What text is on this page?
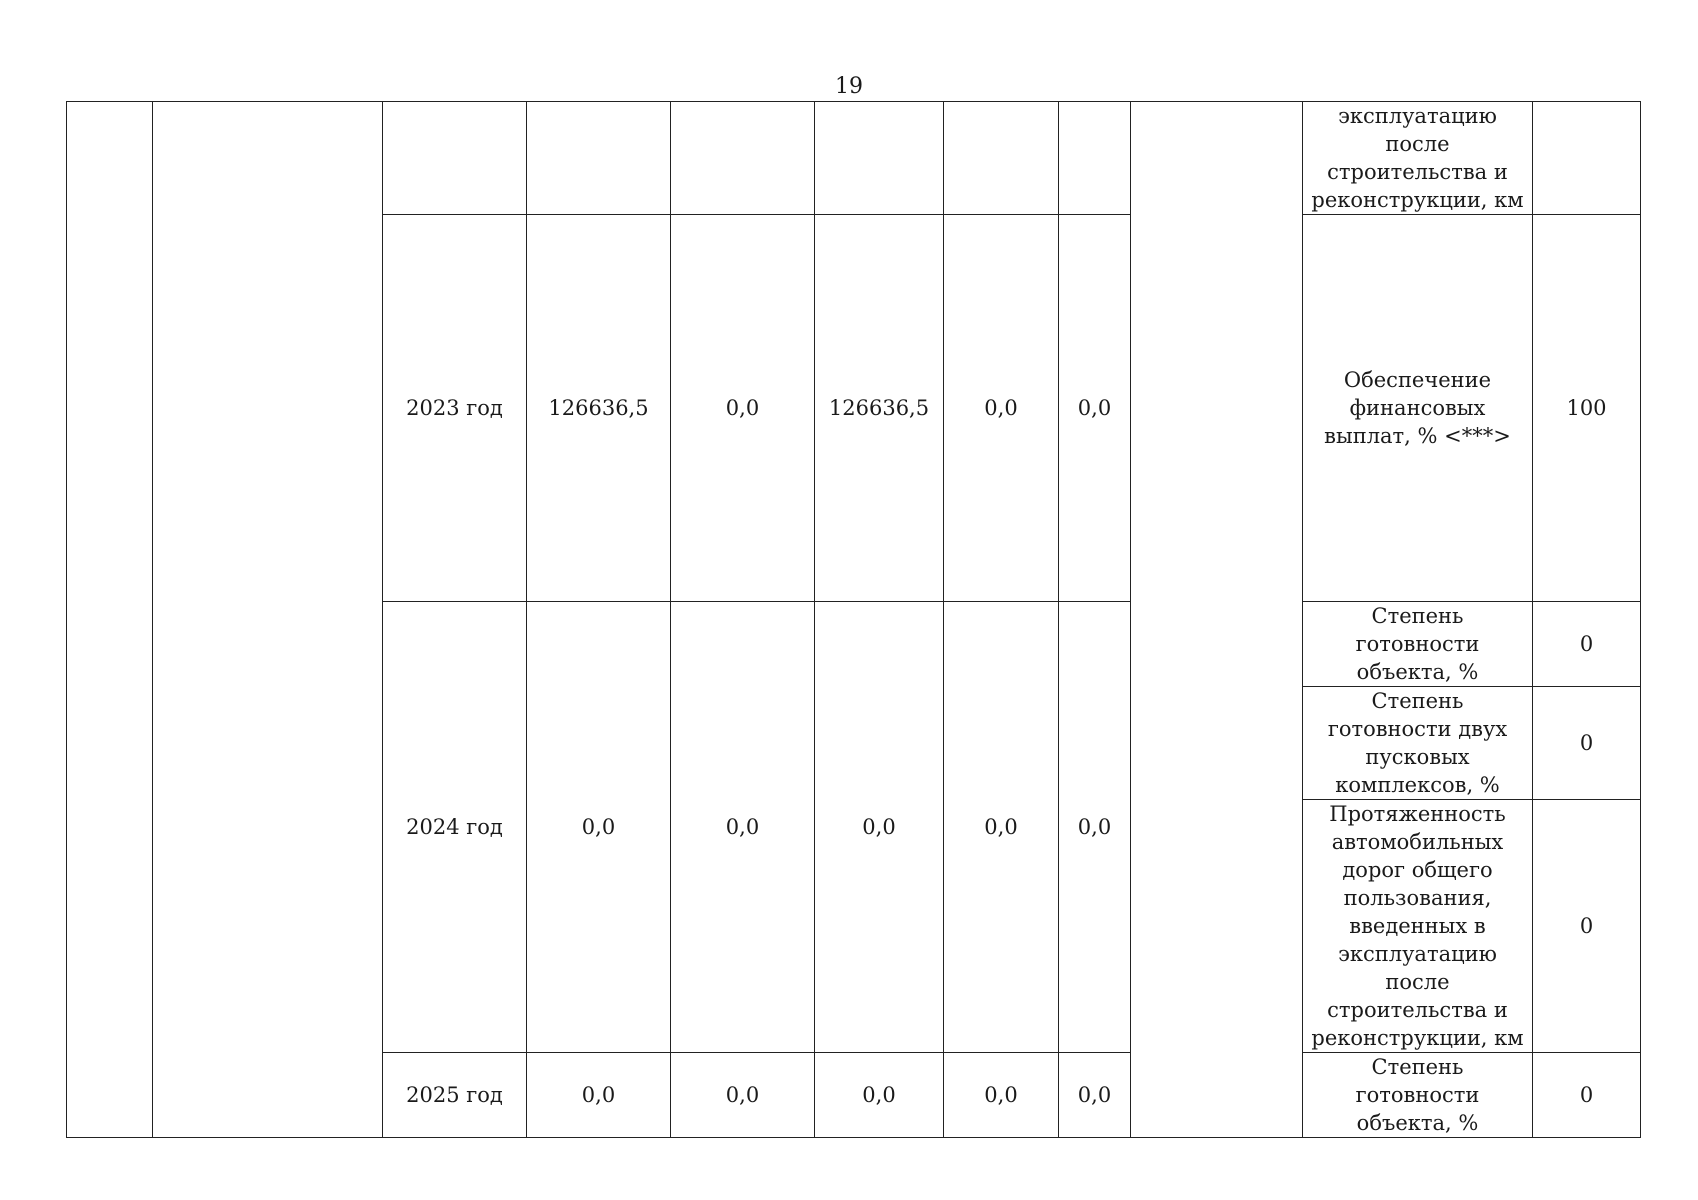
19
									эксплуатацию после строительства и реконструкции, км	
		2023 год	126636,5	0,0	126636,5	0,0	0,0		Обеспечение финансовых выплат, % <***>	100
		2024 год	0,0	0,0	0,0	0,0	0,0		Степень готовности объекта, %	0
									Степень готовности двух пусковых комплексов, %	0
									Протяженность автомобильных дорог общего пользования, введенных в эксплуатацию после строительства и реконструкции, км	0
		2025 год	0,0	0,0	0,0	0,0	0,0		Степень готовности объекта, %	0
